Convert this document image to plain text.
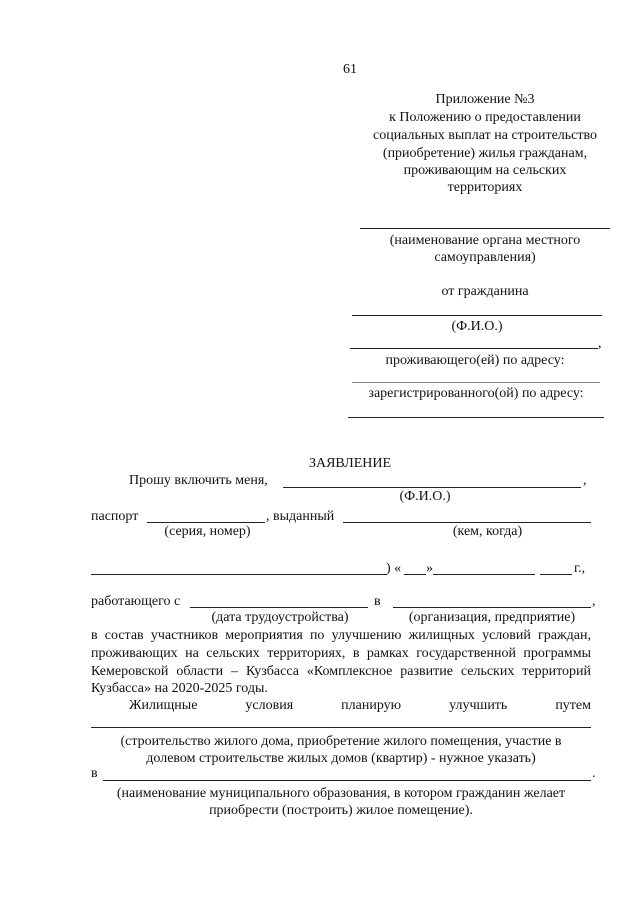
61
Приложение №3
к Положению о предоставлении
социальных выплат на строительство
(приобретение) жилья гражданам,
проживающим на сельских
территориях
(наименование органа местного
самоуправления)
от гражданина
(Ф.И.О.)
,
проживающего(ей) по адресу:
зарегистрированного(ой) по адресу:
ЗАЯВЛЕНИЕ
Прошу включить меня,	,
(Ф.И.О.)
паспорт	, выданный
(серия, номер)	(кем, когда)
) « »	г.,
работающего с	в	,
(дата трудоустройства)	(организация, предприятие)
в состав участников мероприятия по улучшению жилищных условий граждан,
проживающих на сельских территориях, в рамках государственной программы
Кемеровской области – Кузбасса «Комплексное развитие сельских территорий
Кузбасса» на 2020-2025 годы.
Жилищные	условия	планирую	улучшить	путем
(строительство жилого дома, приобретение жилого помещения, участие в
долевом строительстве жилых домов (квартир) - нужное указать)
в	.
(наименование муниципального образования, в котором гражданин желает
приобрести (построить) жилое помещение).
